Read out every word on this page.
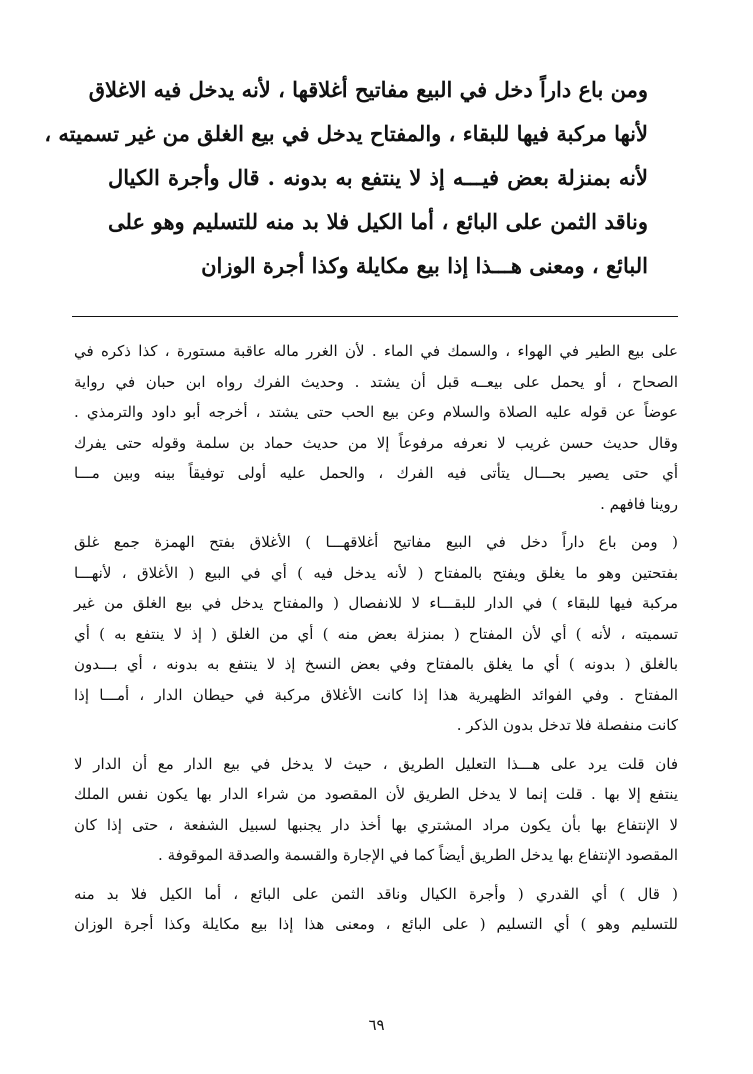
ومن باع داراً دخل في البيع مفاتيح أغلاقها ، لأنه يدخل فيه الاغلاق
لأنها مركبة فيها للبقاء ، والمفتاح يدخل في بيع الغلق من غير تسميته ،
لأنه بمنزلة بعض فيـــه إذ لا ينتفع به بدونه . قال وأجرة الكيال
وناقد الثمن على البائع ، أما الكيل فلا بد منه للتسليم وهو على
البائع ، ومعنى هـــذا إذا بيع مكايلة وكذا أجرة الوزان
على بيع الطير في الهواء ، والسمك في الماء . لأن الغرر ماله عاقبة مستورة ، كذا ذكره في
الصحاح ، أو يحمل على بيعــه قبل أن يشتد . وحديث الفرك رواه ابن حبان في رواية
عوضاً عن قوله عليه الصلاة والسلام وعن بيع الحب حتى يشتد ، أخرجه أبو داود والترمذي .
وقال حديث حسن غريب لا نعرفه مرفوعاً إلا من حديث حماد بن سلمة وقوله حتى يفرك
أي حتى يصير بحـــال يتأتى فيه الفرك ، والحمل عليه أولى توفيقاً بينه وبين مـــا
روينا فافهم .
( ومن باع داراً دخل في البيع مفاتيح أغلاقهـــا ) الأغلاق بفتح الهمزة جمع غلق
بفتحتين وهو ما يغلق ويفتح بالمفتاح ( لأنه يدخل فيه ) أي في البيع ( الأغلاق ، لأنهـــا
مركبة فيها للبقاء ) في الدار للبقـــاء لا للانفصال ( والمفتاح يدخل في بيع الغلق من غير
تسميته ، لأنه ) أي لأن المفتاح ( بمنزلة بعض منه ) أي من الغلق ( إذ لا ينتفع به ) أي
بالغلق ( بدونه ) أي ما يغلق بالمفتاح وفي بعض النسخ إذ لا ينتفع به بدونه ، أي بـــدون
المفتاح . وفي الفوائد الظهيرية هذا إذا كانت الأغلاق مركبة في حيطان الدار ، أمـــا إذا
كانت منفصلة فلا تدخل بدون الذكر .
فان قلت يرد على هـــذا التعليل الطريق ، حيث لا يدخل في بيع الدار مع أن الدار لا
ينتفع إلا بها . قلت إنما لا يدخل الطريق لأن المقصود من شراء الدار بها يكون نفس الملك
لا الإنتفاع بها بأن يكون مراد المشتري بها أخذ دار يجنبها لسبيل الشفعة ، حتى إذا كان
المقصود الإنتفاع بها يدخل الطريق أيضاً كما في الإجارة والقسمة والصدقة الموقوفة .
( قال ) أي القدري ( وأجرة الكيال وناقد الثمن على البائع ، أما الكيل فلا بد منه
للتسليم وهو ) أي التسليم ( على البائع ، ومعنى هذا إذا بيع مكايلة وكذا أجرة الوزان
٦٩
